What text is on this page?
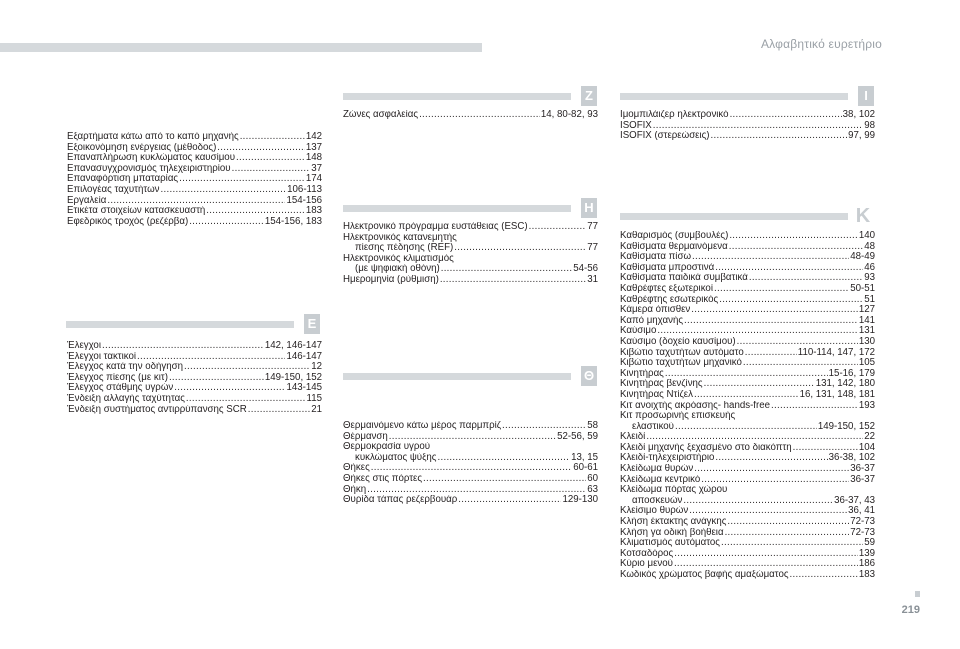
Αλφαβητικό ευρετήριο
Ζ	Ι
Η	Κ
Ε
Θ
Εξαρτήματα κάτω από το καπό μηχανής .....	142
Εξοικονόμηση ενέργειας (μέθοδος) .....	137
Επαναπλήρωση κυκλώματος καυσίμου .....	148
Επανασυγχρονισμός τηλεχειριστηρίου .....	37
Επαναφόρτιση μπαταρίας .....	174
Επιλογέας ταχυτήτων .....	106-113
Εργαλεία .....	154-156
Ετικέτα στοιχείων κατασκευαστή .....	183
Εφεδρικός τροχός (ρεζέρβα) .....	154-156, 183
Ζώνες ασφαλείας .....	14, 80-82, 93
Ηλεκτρονικό πρόγραμμα ευστάθειας (ESC) .....	77
Ηλεκτρονικός κατανεμητής
πίεσης πέδησης (REF) .....	77
Ηλεκτρονικός κλιματισμός
(με ψηφιακή οθόνη) .....	54-56
Ημερομηνία (ρύθμιση) .....	31
Θερμαινόμενο κάτω μέρος παρμπρίζ .....	58
Θέρμανση .....	52-56, 59
Θερμοκρασία υγρού
κυκλώματος ψύξης .....	13, 15
Θήκες .....	60-61
Θήκες στις πόρτες .....	60
Θήκη .....	63
Θυρίδα τάπας ρεζερβουάρ .....	129-130
Ιμομπιλάιζερ ηλεκτρονικό .....	38, 102
ISOFIX .....	98
ISOFIX (στερεώσεις) .....	97, 99
Καθαρισμός (συμβουλές) .....	140
Καθίσματα θερμαινόμενα .....	48
Καθίσματα πίσω .....	48-49
Καθίσματα μπροστινά .....	46
Καθίσματα παιδικά συμβατικά .....	93
Καθρέφτες εξωτερικοί .....	50-51
Καθρέφτης εσωτερικός .....	51
Κάμερα όπισθεν .....	127
Καπό μηχανής .....	141
Καύσιμο .....	131
Καύσιμο (δοχείο καυσίμου) .....	130
Κιβώτιο ταχυτήτων αυτόματο .....	110-114, 147, 172
Κιβώτιο ταχυτήτων μηχανικό .....	105
Κινητήρας .....	15-16, 179
Κινητήρας βενζίνης .....	131, 142, 180
Κινητήρας Ντίζελ .....	16, 131, 148, 181
Κιτ ανοιχτής ακρόασης- hands-free .....	193
Κιτ προσωρινής επισκευής
ελαστικού .....	149-150, 152
Κλειδί .....	22
Κλειδί μηχανής ξεχασμένο στο διακόπτη .....	104
Κλειδί-τηλεχειριστήριο .....	36-38, 102
Κλείδωμα θυρών .....	36-37
Κλείδωμα κεντρικό .....	36-37
Κλείδωμα πόρτας χώρου
αποσκευών .....	36-37, 43
Κλείσιμο θυρών .....	36, 41
Κλήση έκτακτης ανάγκης .....	72-73
Κλήση γα οδική βοήθεια .....	72-73
Κλιματισμός αυτόματος .....	59
Κοτσαδόρος .....	139
Κύριο μενού .....	186
Κωδικός χρώματος βαφής αμαξώματος .....	183
Έλεγχοι .....	142, 146-147
Έλεγχοι τακτικοί .....	146-147
Έλεγχος κατά την οδήγηση .....	12
Έλεγχος πίεσης (με κιτ) .....	149-150, 152
Έλεγχος στάθμης υγρών .....	143-145
Ένδειξη αλλαγής ταχύτητας .....	115
Ένδειξη συστήματος αντιρρύπανσης SCR .....	21
219
